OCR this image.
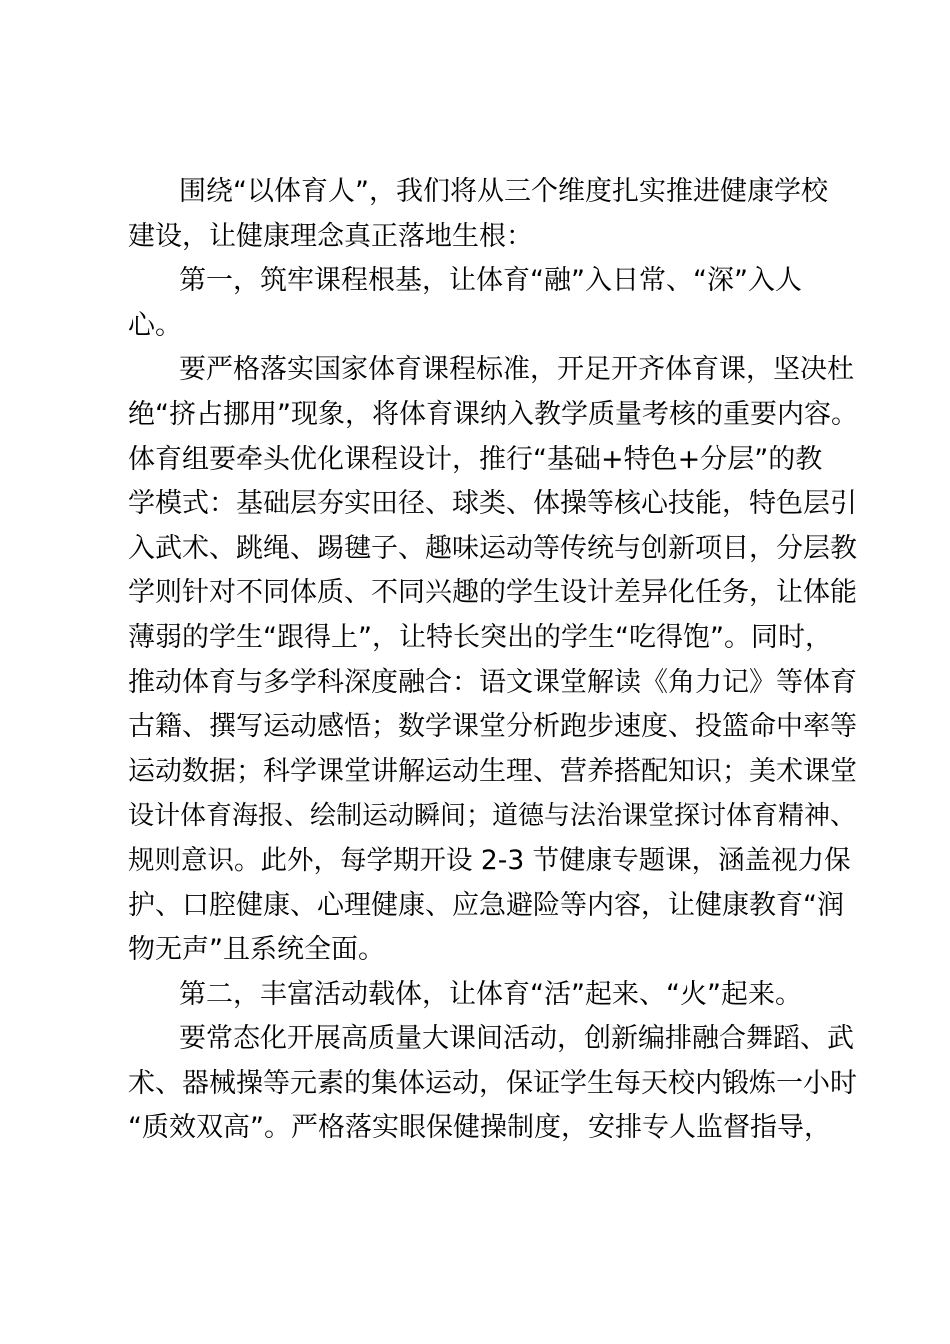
围绕“以体育人”，我们将从三个维度扎实推进健康学校
建设，让健康理念真正落地生根：
第一，筑牢课程根基，让体育“融”入日常、“深”入人
心。
要严格落实国家体育课程标准，开足开齐体育课，坚决杜
绝“挤占挪用”现象，将体育课纳入教学质量考核的重要内容。
体育组要牵头优化课程设计，推行“基础+特色+分层”的教
学模式：基础层夯实田径、球类、体操等核心技能，特色层引
入武术、跳绳、踢毽子、趣味运动等传统与创新项目，分层教
学则针对不同体质、不同兴趣的学生设计差异化任务，让体能
薄弱的学生“跟得上”，让特长突出的学生“吃得饱”。同时，
推动体育与多学科深度融合：语文课堂解读《角力记》等体育
古籍、撰写运动感悟；数学课堂分析跑步速度、投篮命中率等
运动数据；科学课堂讲解运动生理、营养搭配知识；美术课堂
设计体育海报、绘制运动瞬间；道德与法治课堂探讨体育精神、
规则意识。此外，每学期开设 2-3 节健康专题课，涵盖视力保
护、口腔健康、心理健康、应急避险等内容，让健康教育“润
物无声”且系统全面。
第二，丰富活动载体，让体育“活”起来、“火”起来。
要常态化开展高质量大课间活动，创新编排融合舞蹈、武
术、器械操等元素的集体运动，保证学生每天校内锻炼一小时
“质效双高”。严格落实眼保健操制度，安排专人监督指导，
